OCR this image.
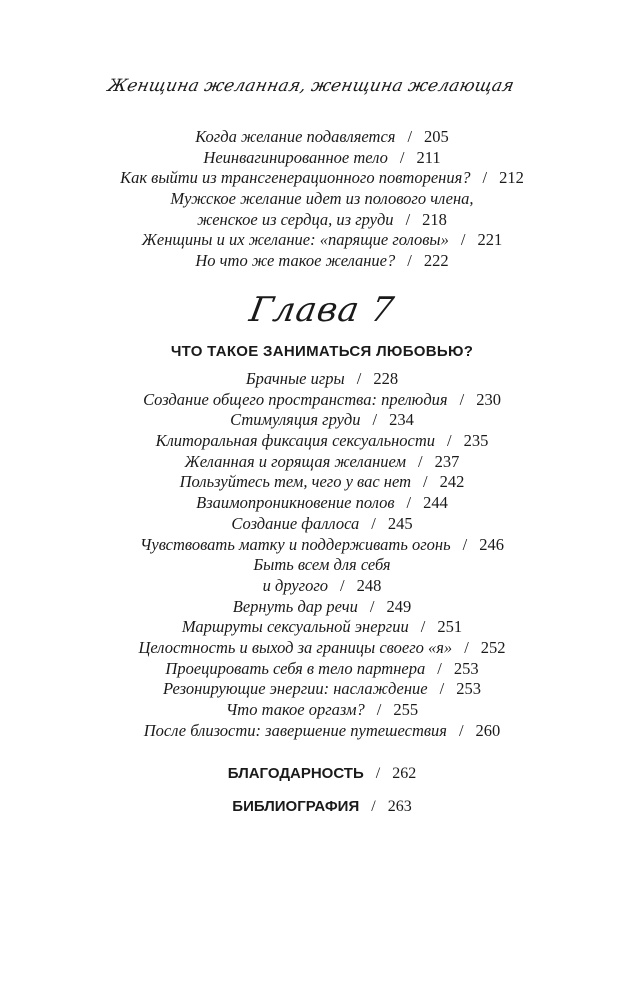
Женщина желанная, женщина желающая
Когда желание подавляется / 205
Неинвагинированное тело / 211
Как выйти из трансгенерационного повторения? / 212
Мужское желание идет из полового члена,
женское из сердца, из груди / 218
Женщины и их желание: «парящие головы» / 221
Но что же такое желание? / 222
Глава 7
ЧТО ТАКОЕ ЗАНИМАТЬСЯ ЛЮБОВЬЮ?
Брачные игры / 228
Создание общего пространства: прелюдия / 230
Стимуляция груди / 234
Клиторальная фиксация сексуальности / 235
Желанная и горящая желанием / 237
Пользуйтесь тем, чего у вас нет / 242
Взаимопроникновение полов / 244
Создание фаллоса / 245
Чувствовать матку и поддерживать огонь / 246
Быть всем для себя
и другого / 248
Вернуть дар речи / 249
Маршруты сексуальной энергии / 251
Целостность и выход за границы своего «я» / 252
Проецировать себя в тело партнера / 253
Резонирующие энергии: наслаждение / 253
Что такое оргазм? / 255
После близости: завершение путешествия / 260
БЛАГОДАРНОСТЬ / 262
БИБЛИОГРАФИЯ / 263
